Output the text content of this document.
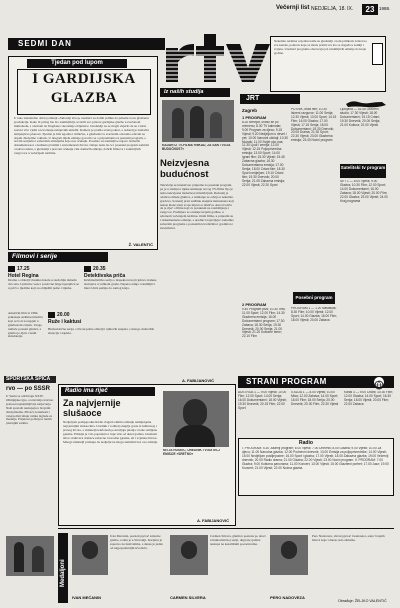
Večernji list NEDJELJA, 18. IX.	23	1988.
SEDMI DAN	Nekoliko termina u tjednu našle su gledatelji ovom prilikom. Izlazi na sve kanale, pomoću koje se može pratiti sve što se događa u zemlji i svijetu. Urednici programa obećavaju još zanimljivih emisija do kraja godine.
Tjedan pod lupom
I GARDIJSKA
GLAZBA
U tako standardno dobroj emisiji »Subotnji zbroj« urednici su dobili priliku da prikažu novu glazbenu produkciju. Kako bi prilog bio što zanimljiviji, uvrstili su i prizore gardijske glazbe u svečanom mimohodu, s obzirom na blagdane i skorašnje obljetnice. Gledatelji su se mogli uvjeriti da su i takvi sastavi vrlo vješti u izvođenju zahtjevnih skladbi. Kamera je pratila svaki pokret, a redatelj je znalački izmjenjivao planove. Pjesma je bila ugodna i ritmična, a glazbenici u svečanim odorama odavali su dojam discipline i sklada. U drugom dijelu emisije govorilo se o pripremama za jesenski program, o novim serijama i zabavnim emisijama koje nas očekuju. Posebno su zanimljive najave domaćih dokumentaraca o kulturnoj baštini i suvremenom životu. Ostaje nada da će i jesenski program zadržati ovakvu razinu, a gledatelji s pravom očekuju više domaćih emisija, dobrih filmova i zanimljivih razgovora u večernjem terminu.
Ž. VALENTIĆ
Iz naših studija
KADAR IZ TV-FILMA »NIKAD, ZA SAN TVOJA BUDUĆNOST«
Neizvjesna
budućnost
Televizija se intenzivno priprema za jesenski program, pa je u studiju u tijeku snimanje novog TV-filma čija je tema neizvjesna budućnost mladih ljudi. Redatelj je odabrao mlade glumce, a snimanje se odvija u nekoliko gradova. Scenarij prati sudbinu skupine maturanata koji nakon škole traže svoje mjesto u društvu. Autori ističu da je riječ o filmu koji će potaknuti na razmišljanje i razgovor. Premijera se očekuje krajem godine, u udarnom večernjem terminu. Osim filma, u pripremi su i dokumentarne emisije, a urednici najavljuju i nekoliko zabavnih programa s poznatim izvođačima i gostima iz inozemstva.
A. FABIJANOVIĆ
JRT
Zagreb
1 PROGRAM
8.20 Brevijar, ovidio se po vremenu; 8.30 TV kalendar; 9.00 Program za djecu; 9.15 Vijesti; 9.20 Nedjeljom u devet i pet; 10.00 Narodni običaji; 10.30 Mozaik; 11.00 Svijet oko nas; 11.30 Ljudi i zemlja; 12.00 Vijesti; 12.15 Poljoprivredna emisija; 13.00 Sport; 14.00 Igrani film; 15.30 Vijesti; 15.45 Zabavna glazba; 16.30 Dokumentarna emisija; 17.00 Serija; 18.00 Crtani film; 18.30 Sport nedjeljom; 19.10 Crtani film; 19.30 Dnevnik; 20.00 Serija; 21.05 Zabavna emisija; 22.00 Vijesti; 22.20 Sport
2 PROGRAM
9.40 Program plus; 10.30 Test; 11.00 Sport; 12.00 Film; 14.30 Glazbena emisija; 16.00 Dokumentarni program; 17.30 Zabava; 18.30 Serija; 19.30 Dnevnik; 20.00 Serija; 21.00 Vijesti; 21.20 Kulturne teme; 22.10 Film
PUTNIK, kraći film; 10.30 Iskreni razgovor; 11.00 Serija; 12.30 Vijesti; 13.00 Sport; 14.15 Film; 16.00 Glazba; 17.00 Vijesti; 17.15 Serija; 18.00 Dokumentarni; 19.30 Dnevnik; 20.05 Drama; 21.30 Sport; 22.30 Vijesti; 23.00 Glazbena emisija; 23.40 Noćni program
Posebni program
PROGRAM 1 — 1.20 Nastavak; 8.30 Film; 10.00 Vijesti; 12.00 Sport; 14.00 Glazba; 16.00 Film; 18.00 Vijesti; 20.00 Zabava
Ljubljana — 16.45 Otvoreni studio; 17.30 Vijesti; 18.00 Dokumentarni; 19.15 Crtani; 19.30 Dnevnik; 20.00 Serija; 21.00 Kultura; 22.00 Vijesti
Satelitski tv program
SET 1 — 8.00 Vijesti; 9.00 Glazba; 10.30 Film; 12.00 Sport; 14.00 Dokumentarni; 16.00 Zabava; 18.00 Vijesti; 20.00 Film; 22.00 Glazba; 23.00 Vijesti; 24.00 Kraj programa
Filmovi i serije
17.25
Hotel Regina
Drama o obitelji vlasnika hotela u razdoblju između dva rata. Ljubavne veze i poslovne brige isprepliću se u priči o ljudima koji su obilježili jedno vrijeme.
20.35
Detektivska priča
Kriminalistička serija o inspektoru koji rješava složene slučajeve u velikom gradu. Napeta radnja i zanimljivi likovi drže pažnju do samog kraja.
20.00
Ruže i kaktusi
Američki film iz 1984. prikazuje sudbinu mladića koji se bori za uspjeh u glazbenom svijetu. Uloge tumače poznati glumci, a glazba je djelo vrsnih skladatelja.
Humoristična serija o životu jedne obitelji i njihovih susjeda, s mnogo duhovitih situacija i zapleta.
SPORTSKA ŠPICA
rvo — po SSSR
U Seulu se održavaju XXIV. Olimpijske igre, a televizija izravno prenosi najzanimljivija natjecanja. Naši sportaši nastupaju u brojnim disciplinama. Plivači, košarkaši i vaterpolisti imaju velike izglede za medalje. Prijenosi počinju u ranim jutarnjim satima.
Radio ima riječ
Za najvjernije
slušaoce
Nedjeljom poslijepodne Radio Zagreb emitira emisiju namijenjenu najvjernijim slušaocima. Urednik i voditelj okuplja goste iz kulturnog i javnog života, a slušatelji telefonom postavljaju pitanja i traže omiljene pjesme. Emisija je vrlo popularna i traje više od deset godina. Glazbeni izbor obuhvaća domaće zabavne i narodne pjesme, ali i svjetske hitove. Mnogi slušatelji priznaju da nedjelju ne mogu zamisliti bez ove emisije.
MITJA RUSKIĆ, UREDNIK I VODITELJ EMISIJE »SRETNO«
A. FABIJANOVIĆ
STRANI PROGRAM
AUSTRIJA 1 — 9.00 Vijesti; 10.00 Film; 12.00 Sport; 14.00 Serija; 16.00 Dokumentarni; 18.00 Vijesti; 19.30 Dnevnik; 20.15 Film; 22.00 Sport
ITALIJA 1 — 8.00 Vijesti; 10.00 Misa; 12.00 Zabava; 14.00 Sport; 16.00 Film; 18.00 Serija; 20.00 Dnevnik; 20.30 Film; 22.30 Vijesti
Kanal 3 — 9.00 Crtani; 10.30 Film; 12.00 Glazba; 14.00 Sport; 16.30 Serija; 18.00 Vijesti; 20.00 Film; 22.00 Zabava
Radio
I. PROGRAM: 5.30 Jutarnji program; 6.00 Vijesti; 7.00 Dnevnik; 8.00 Glazba; 9.00 Vijesti; 10.00 Za djecu; 11.00 Narodna glazba; 12.00 Podnevni dnevnik; 13.00 Emisija za poljoprivrednike; 14.00 Vijesti; 15.00 Nedjeljom poslijepodne; 16.00 Sport i glazba; 17.00 Vijesti; 18.00 Zabavna glazba; 19.00 Večernji dnevnik; 20.00 Radio drama; 21.00 Glazba; 22.00 Vijesti; 23.00 Noćni program. II. PROGRAM: 7.00 Glazba; 9.00 Kulturna panorama; 11.00 Koncert; 13.00 Vijesti; 15.00 Glazbeni portret; 17.00 Jazz; 19.00 Koncert; 21.00 Vijesti; 22.00 Noćna glazba.
Medaljoni
Ivan Mećanin, poznati pjevač zabavne glazbe, rođen je u Slavoniji. Karijeru je započeo na festivalima, a danas je jedan od najpopularnijih izvođača.
IVAN MEĆANIN
Carmen Silvera, glumica poznata po ulozi u humorističnoj seriji, dugi niz godina nastupa na kazališnim pozornicama.
CARMEN SILVERA
Pero Nadoveza, slavni pjevač i kantautor, autor brojnih hitova koje i danas rado slušamo.
PERO NADOVEZA
Obrađuje: ŽELJKO VALENTIĆ
